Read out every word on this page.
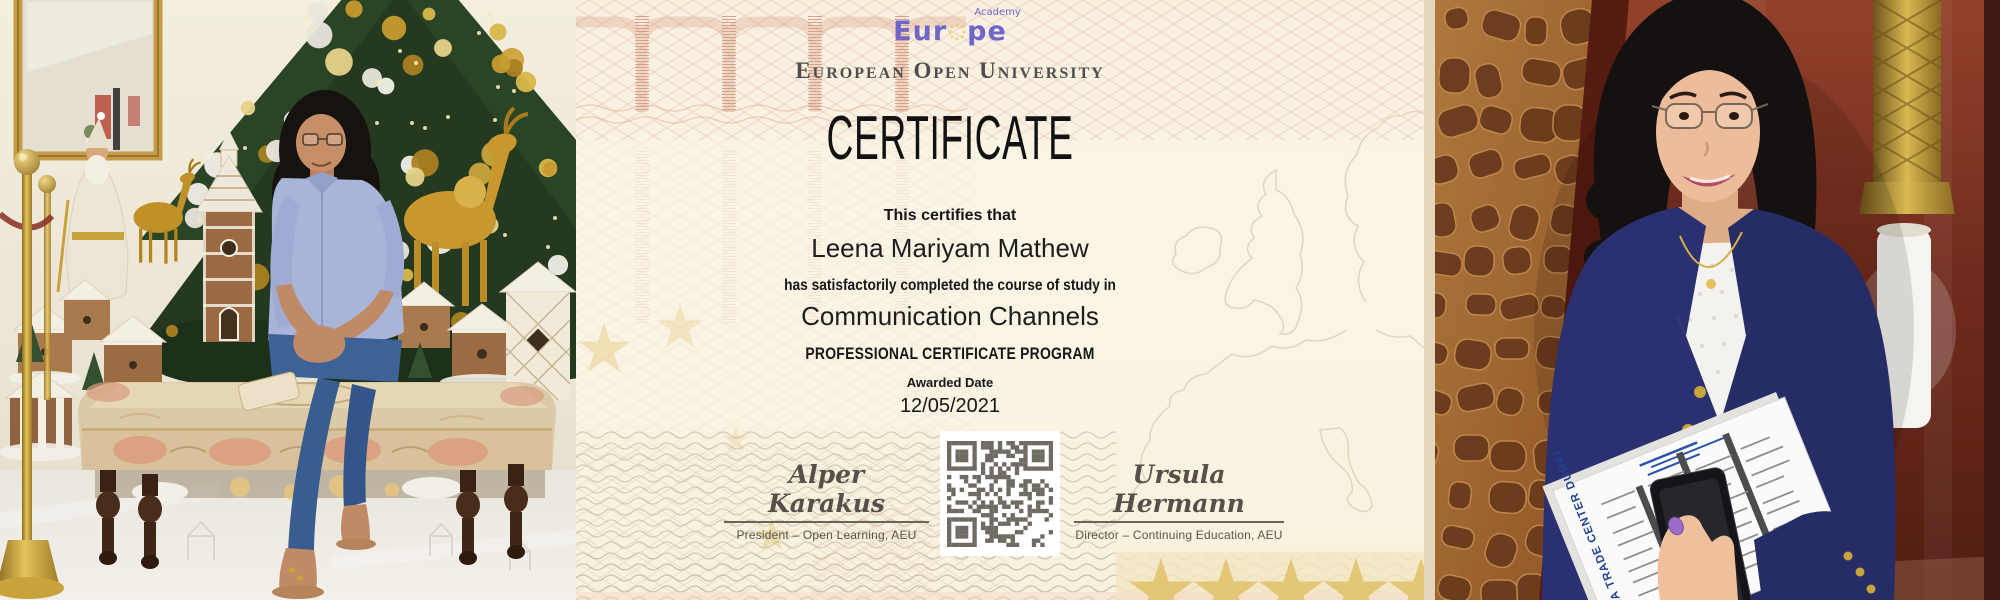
Eur pe
Academy
European Open University
CERTIFICATE
This certifies that
Leena Mariyam Mathew
has satisfactorily completed the course of study in
Communication Channels
PROFESSIONAL CERTIFICATE PROGRAM
Awarded Date
12/05/2021
Alper Karakus
President – Open Learning, AEU
Ursula Hermann
Director – Continuing Education, AEU
